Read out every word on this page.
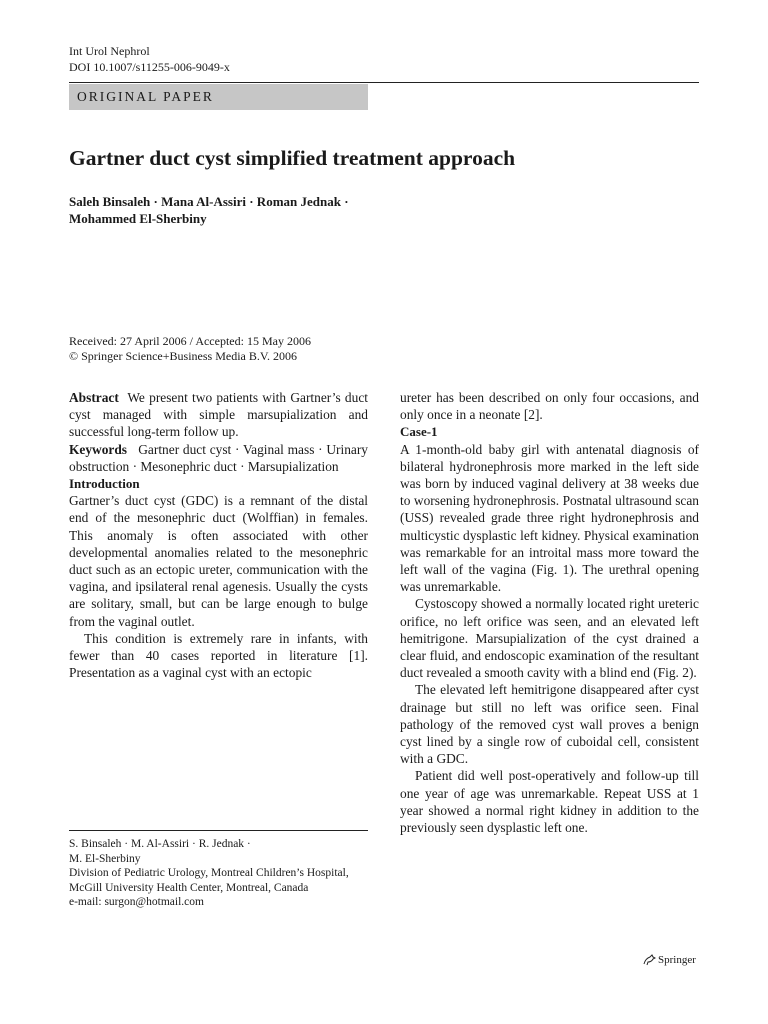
Int Urol Nephrol
DOI 10.1007/s11255-006-9049-x
ORIGINAL PAPER
Gartner duct cyst simplified treatment approach
Saleh Binsaleh · Mana Al-Assiri · Roman Jednak ·
Mohammed El-Sherbiny
Received: 27 April 2006 / Accepted: 15 May 2006
© Springer Science+Business Media B.V. 2006

Abstract We present two patients with Gartner’s duct cyst managed with simple marsupialization and successful long-term follow up.

Keywords Gartner duct cyst · Vaginal mass · Urinary obstruction · Mesonephric duct · Marsupialization

Introduction

Gartner’s duct cyst (GDC) is a remnant of the distal end of the mesonephric duct (Wolffian) in females. This anomaly is often associated with other developmental anomalies related to the mesonephric duct such as an ectopic ureter, communication with the vagina, and ipsilateral renal agenesis. Usually the cysts are solitary, small, but can be large enough to bulge from the vaginal outlet.

This condition is extremely rare in infants, with fewer than 40 cases reported in literature [1]. Presentation as a vaginal cyst with an ectopic

ureter has been described on only four occasions, and only once in a neonate [2].

Case-1

A 1-month-old baby girl with antenatal diagnosis of bilateral hydronephrosis more marked in the left side was born by induced vaginal delivery at 38 weeks due to worsening hydronephrosis. Postnatal ultrasound scan (USS) revealed grade three right hydronephrosis and multicystic dysplastic left kidney. Physical examination was remarkable for an introital mass more toward the left wall of the vagina (Fig. 1). The urethral opening was unremarkable.

Cystoscopy showed a normally located right ureteric orifice, no left orifice was seen, and an elevated left hemitrigone. Marsupialization of the cyst drained a clear fluid, and endoscopic examination of the resultant duct revealed a smooth cavity with a blind end (Fig. 2).

The elevated left hemitrigone disappeared after cyst drainage but still no left was orifice seen. Final pathology of the removed cyst wall proves a benign cyst lined by a single row of cuboidal cell, consistent with a GDC.

Patient did well post-operatively and follow-up till one year of age was unremarkable. Repeat USS at 1 year showed a normal right kidney in addition to the previously seen dysplastic left one.

S. Binsaleh · M. Al-Assiri · R. Jednak ·
M. El-Sherbiny
Division of Pediatric Urology, Montreal Children’s Hospital, McGill University Health Center, Montreal, Canada
e-mail: surgon@hotmail.com
Springer
